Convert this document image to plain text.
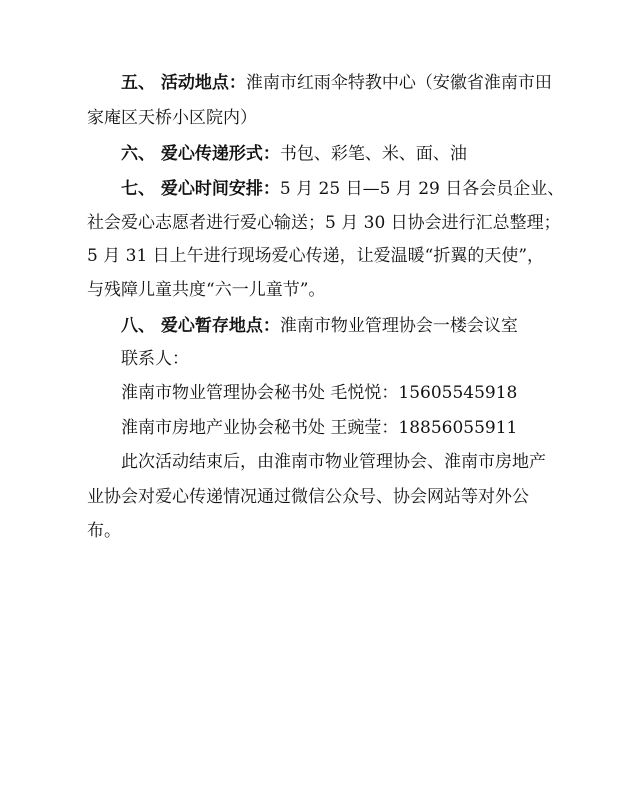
五、 活动地点：淮南市红雨伞特教中心（安徽省淮南市田
家庵区天桥小区院内）
六、 爱心传递形式：书包、彩笔、米、面、油
七、 爱心时间安排：5 月 25 日—5 月 29 日各会员企业、
社会爱心志愿者进行爱心输送；5 月 30 日协会进行汇总整理；
5 月 31 日上午进行现场爱心传递，让爱温暖“折翼的天使”，
与残障儿童共度“六一儿童节”。
八、 爱心暂存地点：淮南市物业管理协会一楼会议室
联系人：
淮南市物业管理协会秘书处 毛悦悦：15605545918
淮南市房地产业协会秘书处 王豌莹：18856055911
此次活动结束后，由淮南市物业管理协会、淮南市房地产
业协会对爱心传递情况通过微信公众号、协会网站等对外公
布。
